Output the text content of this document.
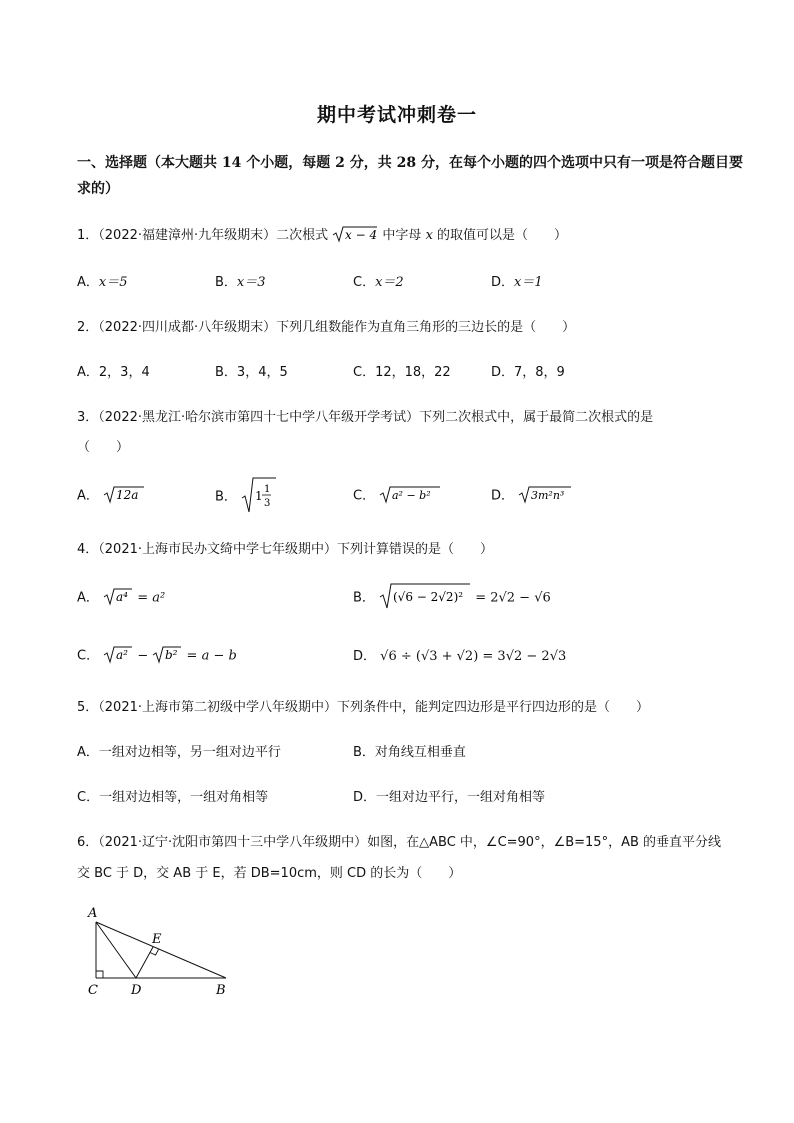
期中考试冲刺卷一
一、选择题（本大题共 14 个小题，每题 2 分，共 28 分，在每个小题的四个选项中只有一项是符合题目要
求的）
1．（2022·福建漳州·九年级期末）二次根式 x − 4 中字母 x 的取值可以是（　　）
A．x＝5	B．x＝3	C．x＝2	D．x＝1
2．（2022·四川成都·八年级期末）下列几组数能作为直角三角形的三边长的是（　　）
A．2，3，4	B．3，4，5	C．12，18，22	D．7，8，9
3．（2022·黑龙江·哈尔滨市第四十七中学八年级开学考试）下列二次根式中，属于最简二次根式的是
（　　）
A． 12a	B． 1 1
3	C． a² − b²	D． 3m²n³
4．（2021·上海市民办文绮中学七年级期中）下列计算错误的是（　　）
A． a⁴ = a²	B． (√6 − 2√2)² = 2√2 − √6
C． a² − b² = a − b	D． √6 ÷ (√3 + √2) = 3√2 − 2√3
5．（2021·上海市第二初级中学八年级期中）下列条件中，能判定四边形是平行四边形的是（　　）
A．一组对边相等，另一组对边平行	B．对角线互相垂直
C．一组对边相等，一组对角相等	D．一组对边平行，一组对角相等
6．（2021·辽宁·沈阳市第四十三中学八年级期中）如图，在△ABC 中，∠C=90°，∠B=15°，AB 的垂直平分线
交 BC 于 D，交 AB 于 E，若 DB=10cm，则 CD 的长为（　　）
A
E
C	D	B
